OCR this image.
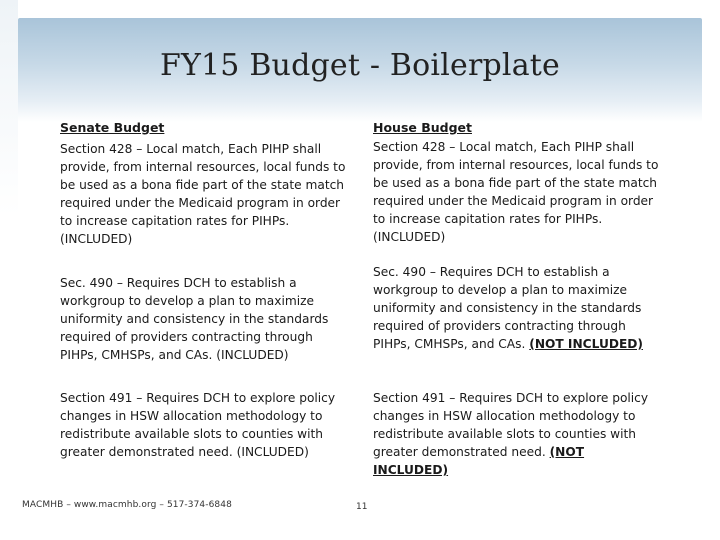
FY15 Budget - Boilerplate
Senate Budget

Section 428 – Local match, Each PIHP shall provide, from internal resources, local funds to be used as a bona fide part of the state match required under the Medicaid program in order to increase capitation rates for PIHPs. (INCLUDED)

Sec. 490 – Requires DCH to establish a workgroup to develop a plan to maximize uniformity and consistency in the standards required of providers contracting through PIHPs, CMHSPs, and CAs. (INCLUDED)

Section 491 – Requires DCH to explore policy changes in HSW allocation methodology to redistribute available slots to counties with greater demonstrated need. (INCLUDED)

House Budget

Section 428 – Local match, Each PIHP shall provide, from internal resources, local funds to be used as a bona fide part of the state match required under the Medicaid program in order to increase capitation rates for PIHPs. (INCLUDED)

Sec. 490 – Requires DCH to establish a workgroup to develop a plan to maximize uniformity and consistency in the standards required of providers contracting through PIHPs, CMHSPs, and CAs. (NOT INCLUDED)

Section 491 – Requires DCH to explore policy changes in HSW allocation methodology to redistribute available slots to counties with greater demonstrated need. (NOT INCLUDED)

MACMHB – www.macmhb.org – 517-374-6848	11
